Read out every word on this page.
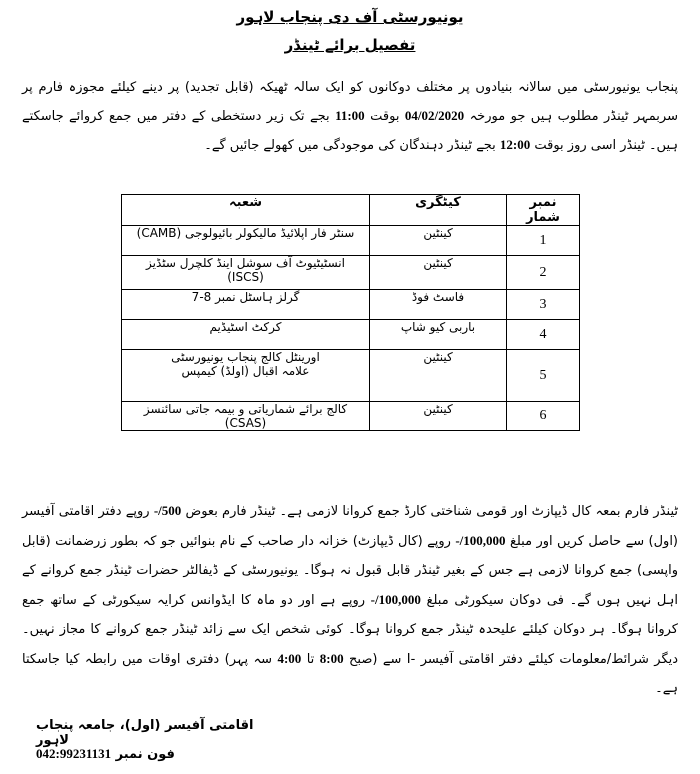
یونیورسٹی آف دی پنجاب لاہور
تفصیل برائے ٹینڈر

پنجاب یونیورسٹی میں سالانہ بنیادوں پر مختلف دوکانوں کو ایک سالہ ٹھیکہ (قابل تجدید) پر دینے کیلئے مجوزہ فارم پر سربمہر ٹینڈر مطلوب ہیں جو مورخہ 04/02/2020 بوقت 11:00 بجے تک زیر دستخطی کے دفتر میں جمع کروائے جاسکتے ہیں۔ ٹینڈر اسی روز بوقت 12:00 بجے ٹینڈر دہندگان کی موجودگی میں کھولے جائیں گے۔

نمبر شمار	کیٹگری	شعبہ
1	کینٹین	سنٹر فار اپلائیڈ مالیکولر بائیولوجی (CAMB)
2	کینٹین	انسٹیٹیوٹ آف سوشل اینڈ کلچرل سٹڈیز (ISCS)
3	فاسٹ فوڈ	گرلز ہاسٹل نمبر 8-7
4	باربی کیو شاپ	کرکٹ اسٹیڈیم
5	کینٹین	اورینٹل کالج پنجاب یونیورسٹی
علامہ اقبال (اولڈ) کیمپس

6	کینٹین	کالج برائے شماریاتی و بیمہ جاتی سائنسز (CSAS)

ٹینڈر فارم بمعہ کال ڈیپازٹ اور قومی شناختی کارڈ جمع کروانا لازمی ہے۔ ٹینڈر فارم بعوض -/500 روپے دفتر اقامتی آفیسر (اول) سے حاصل کریں اور مبلغ -/100,000 روپے (کال ڈیپازٹ) خزانہ دار صاحب کے نام بنوائیں جو کہ بطور زرضمانت (قابل واپسی) جمع کروانا لازمی ہے جس کے بغیر ٹینڈر قابل قبول نہ ہوگا۔ یونیورسٹی کے ڈیفالٹر حضرات ٹینڈر جمع کروانے کے اہل نہیں ہوں گے۔ فی دوکان سیکورٹی مبلغ -/100,000 روپے ہے اور دو ماہ کا ایڈوانس کرایہ سیکورٹی کے ساتھ جمع کروانا ہوگا۔ ہر دوکان کیلئے علیحدہ ٹینڈر جمع کروانا ہوگا۔ کوئی شخص ایک سے زائد ٹینڈر جمع کروانے کا مجاز نہیں۔ دیگر شرائط/معلومات کیلئے دفتر اقامتی آفیسر -I سے (صبح 8:00 تا 4:00 سہ پہر) دفتری اوقات میں رابطہ کیا جاسکتا ہے۔

اقامتی آفیسر (اول)، جامعہ پنجاب لاہور
فون نمبر 042:99231131
